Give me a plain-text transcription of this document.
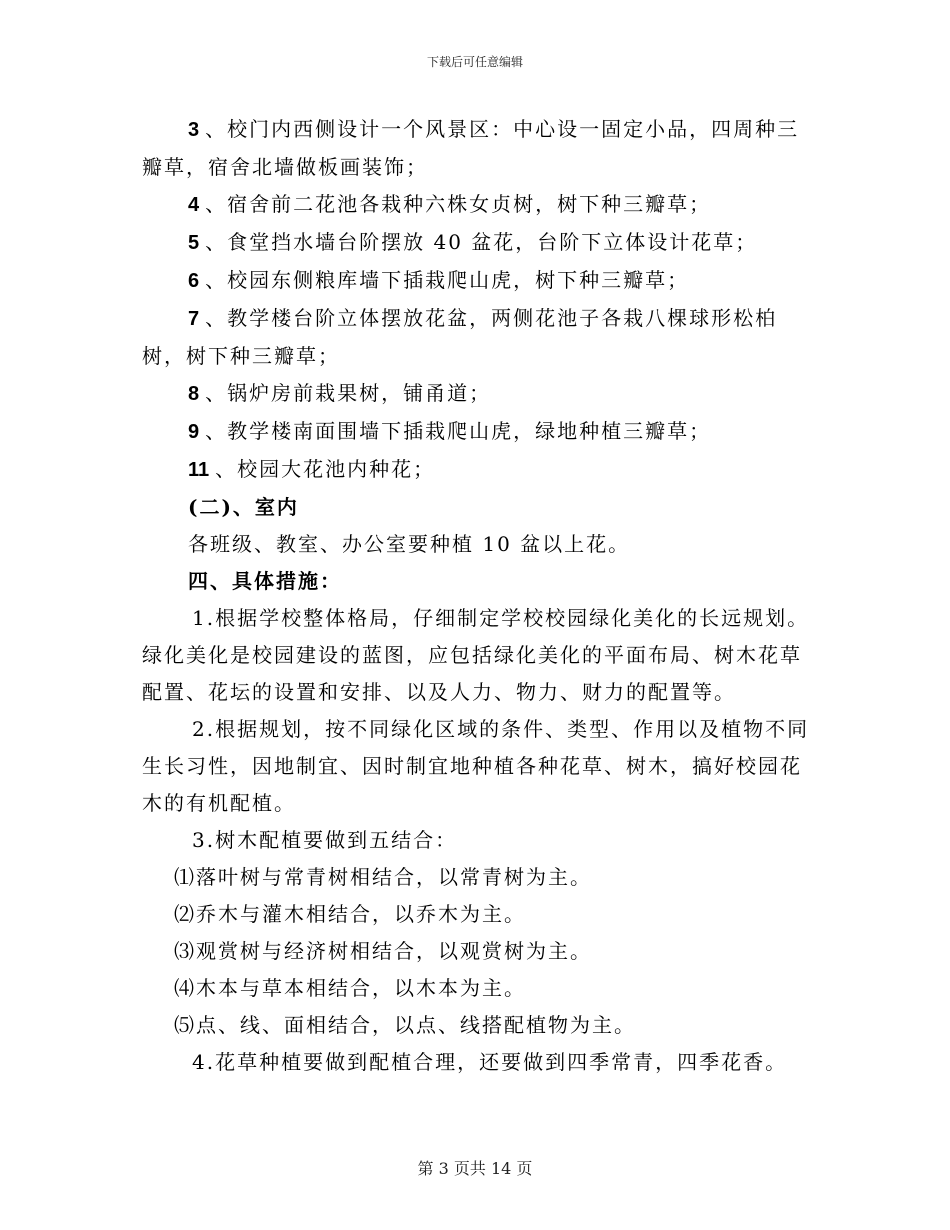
下载后可任意编辑

3 、校门内西侧设计一个风景区：中心设一固定小品，四周种三瓣草，宿舍北墙做板画装饰；

4 、宿舍前二花池各栽种六株女贞树，树下种三瓣草；

5 、食堂挡水墙台阶摆放 40 盆花，台阶下立体设计花草；

6 、校园东侧粮库墙下插栽爬山虎，树下种三瓣草；

7 、教学楼台阶立体摆放花盆，两侧花池子各栽八棵球形松柏树，树下种三瓣草；

8 、锅炉房前栽果树，铺甬道；

9 、教学楼南面围墙下插栽爬山虎，绿地种植三瓣草；

11 、校园大花池内种花；

(二)、室内

各班级、教室、办公室要种植 10 盆以上花。

四、具体措施：

1.根据学校整体格局，仔细制定学校校园绿化美化的长远规划。绿化美化是校园建设的蓝图，应包括绿化美化的平面布局、树木花草配置、花坛的设置和安排、以及人力、物力、财力的配置等。

2.根据规划，按不同绿化区域的条件、类型、作用以及植物不同生长习性，因地制宜、因时制宜地种植各种花草、树木，搞好校园花木的有机配植。

3.树木配植要做到五结合：

⑴落叶树与常青树相结合，以常青树为主。

⑵乔木与灌木相结合，以乔木为主。

⑶观赏树与经济树相结合，以观赏树为主。

⑷木本与草本相结合，以木本为主。

⑸点、线、面相结合，以点、线搭配植物为主。

4.花草种植要做到配植合理，还要做到四季常青，四季花香。

第 3 页共 14 页
